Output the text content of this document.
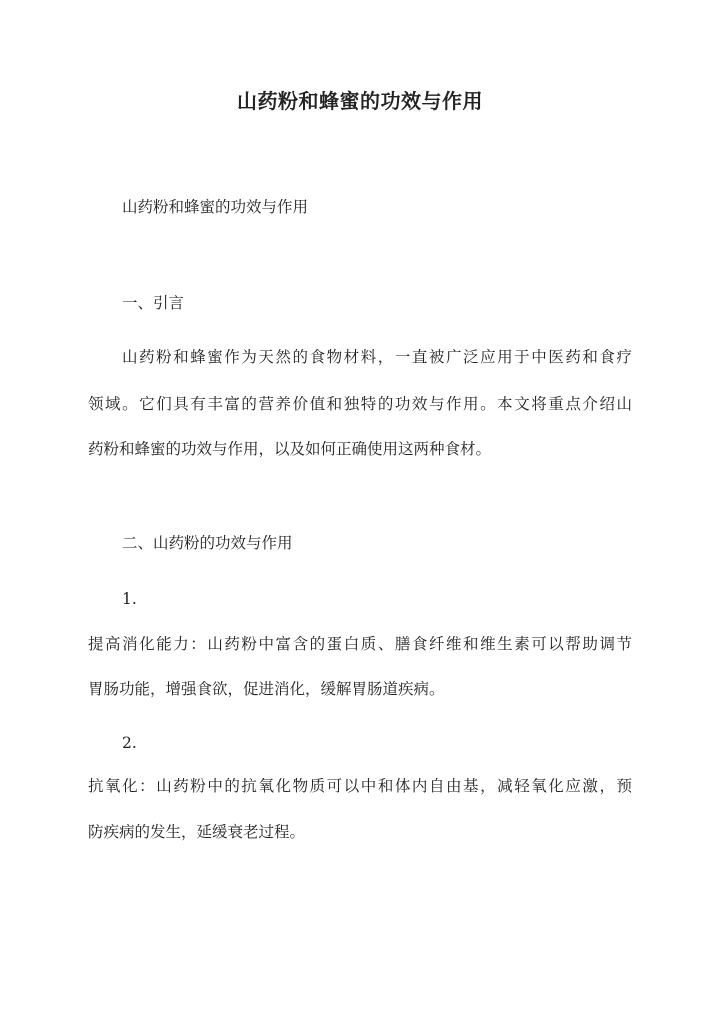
山药粉和蜂蜜的功效与作用
山药粉和蜂蜜的功效与作用
一、引言
山药粉和蜂蜜作为天然的食物材料，一直被广泛应用于中医药和食疗
领域。它们具有丰富的营养价值和独特的功效与作用。本文将重点介绍山
药粉和蜂蜜的功效与作用，以及如何正确使用这两种食材。
二、山药粉的功效与作用
1.
提高消化能力：山药粉中富含的蛋白质、膳食纤维和维生素可以帮助调节
胃肠功能，增强食欲，促进消化，缓解胃肠道疾病。
2.
抗氧化：山药粉中的抗氧化物质可以中和体内自由基，减轻氧化应激，预
防疾病的发生，延缓衰老过程。
